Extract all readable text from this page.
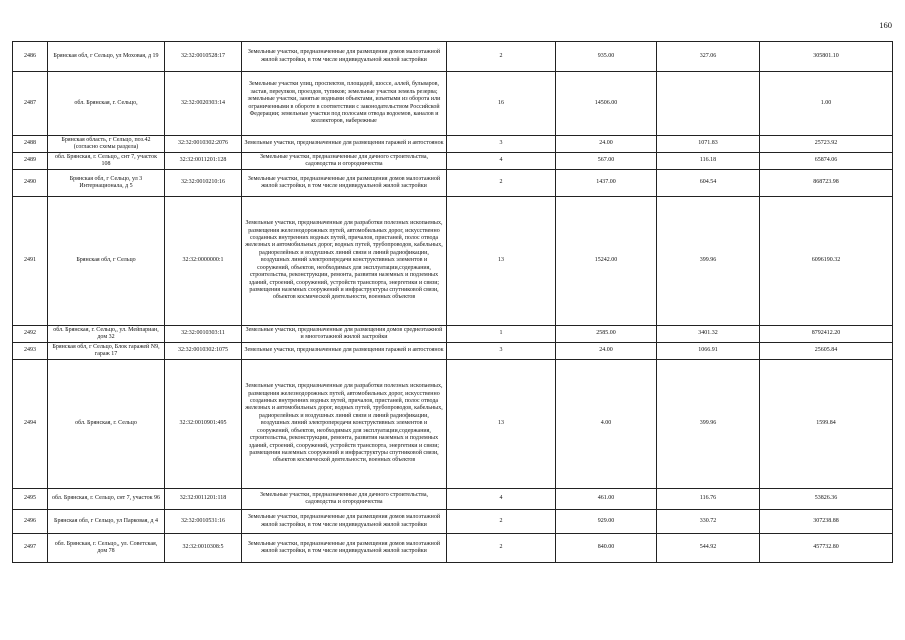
160
2486	Брянская обл, г Сельцо, ул Моховая, д 19	32:32:0010528:17	Земельные участки, предназначенные для размещения домов малоэтажной жилой застройки, в том числе индивидуальной жилой застройки	2	935.00	327.06	305801.10
2487	обл. Брянская, г. Сельцо,	32:32:0020303:14	Земельные участки улиц, проспектов, площадей, шоссе, аллей, бульваров, застав, переулков, проездов, тупиков; земельные участки земель резерва; земельные участки, занятые водными объектами, изъятыми из оборота или ограниченными в обороте в соответствии с законодательством Российской Федерации; земельные участки под полосами отвода водоемов, каналов и коллекторов, набережные	16	14506.00		1.00
2488	Брянская область, г Сельцо, поз.42 (согласно схемы раздела)	32:32:0010302:2076	Земельные участки, предназначенные для размещения гаражей и автостоянок	3	24.00	1071.83	25723.92
2489	обл. Брянская, г. Сельцо,, снт 7, участок 108	32:32:0011201:128	Земельные участки, предназначенные для дачного строительства, садоводства и огородничества	4	567.00	116.18	65874.06
2490	Брянская обл, г Сельцо, ул 3 Интернационала, д 5	32:32:0010210:16	Земельные участки, предназначенные для размещения домов малоэтажной жилой застройки, в том числе индивидуальной жилой застройки	2	1437.00	604.54	868723.98
2491	Брянская обл, г Сельцо	32:32:0000000:1	Земельные участки, предназначенные для разработки полезных ископаемых, размещения железнодорожных путей, автомобильных дорог, искусственно созданных внутренних водных путей, причалов, пристаней, полос отвода железных и автомобильных дорог, водных путей, трубопроводов, кабельных, радиорелейных и воздушных линий связи и линий радиофикации, воздушных линий электропередачи конструктивных элементов и сооружений, объектов, необходимых для эксплуатации,содержания, строительства, реконструкции, ремонта, развития наземных и подземных зданий, строений, сооружений, устройств транспорта, энергетики и связи; размещения наземных сооружений и инфраструктуры спутниковой связи, объектов космической деятельности, военных объектов	13	15242.00	399.96	6096190.32
2492	обл. Брянская, г. Сельцо,, ул. Мейпариан, дом 32	32:32:0010303:11	Земельные участки, предназначенные для размещения домов среднеэтажной и многоэтажной жилой застройки	1	2585.00	3401.32	8792412.20
2493	Брянская обл, г Сельцо, Блок гаражей N9, гараж 17	32:32:0010302:1075	Земельные участки, предназначенные для размещения гаражей и автостоянок	3	24.00	1066.91	25605.84
2494	обл. Брянская, г. Сельцо	32:32:0010901:495	Земельные участки, предназначенные для разработки полезных ископаемых, размещения железнодорожных путей, автомобильных дорог, искусственно созданных внутренних водных путей, причалов, пристаней, полос отвода железных и автомобильных дорог, водных путей, трубопроводов, кабельных, радиорелейных и воздушных линий связи и линий радиофикации, воздушных линий электропередачи конструктивных элементов и сооружений, объектов, необходимых для эксплуатации,содержания, строительства, реконструкции, ремонта, развития наземных и подземных зданий, строений, сооружений, устройств транспорта, энергетики и связи; размещения наземных сооружений и инфраструктуры спутниковой связи, объектов космической деятельности, военных объектов	13	4.00	399.96	1599.84
2495	обл. Брянская, г. Сельцо, снт 7, участок 96	32:32:0011201:118	Земельные участки, предназначенные для дачного строительства, садоводства и огородничества	4	461.00	116.76	53826.36
2496	Брянская обл, г Сельцо, ул Парковая, д 4	32:32:0010531:16	Земельные участки, предназначенные для размещения домов малоэтажной жилой застройки, в том числе индивидуальной жилой застройки	2	929.00	330.72	307238.88
2497	обл. Брянская, г. Сельцо,, ул. Советская, дом 78	32:32:0010308:5	Земельные участки, предназначенные для размещения домов малоэтажной жилой застройки, в том числе индивидуальной жилой застройки	2	840.00	544.92	457732.80
